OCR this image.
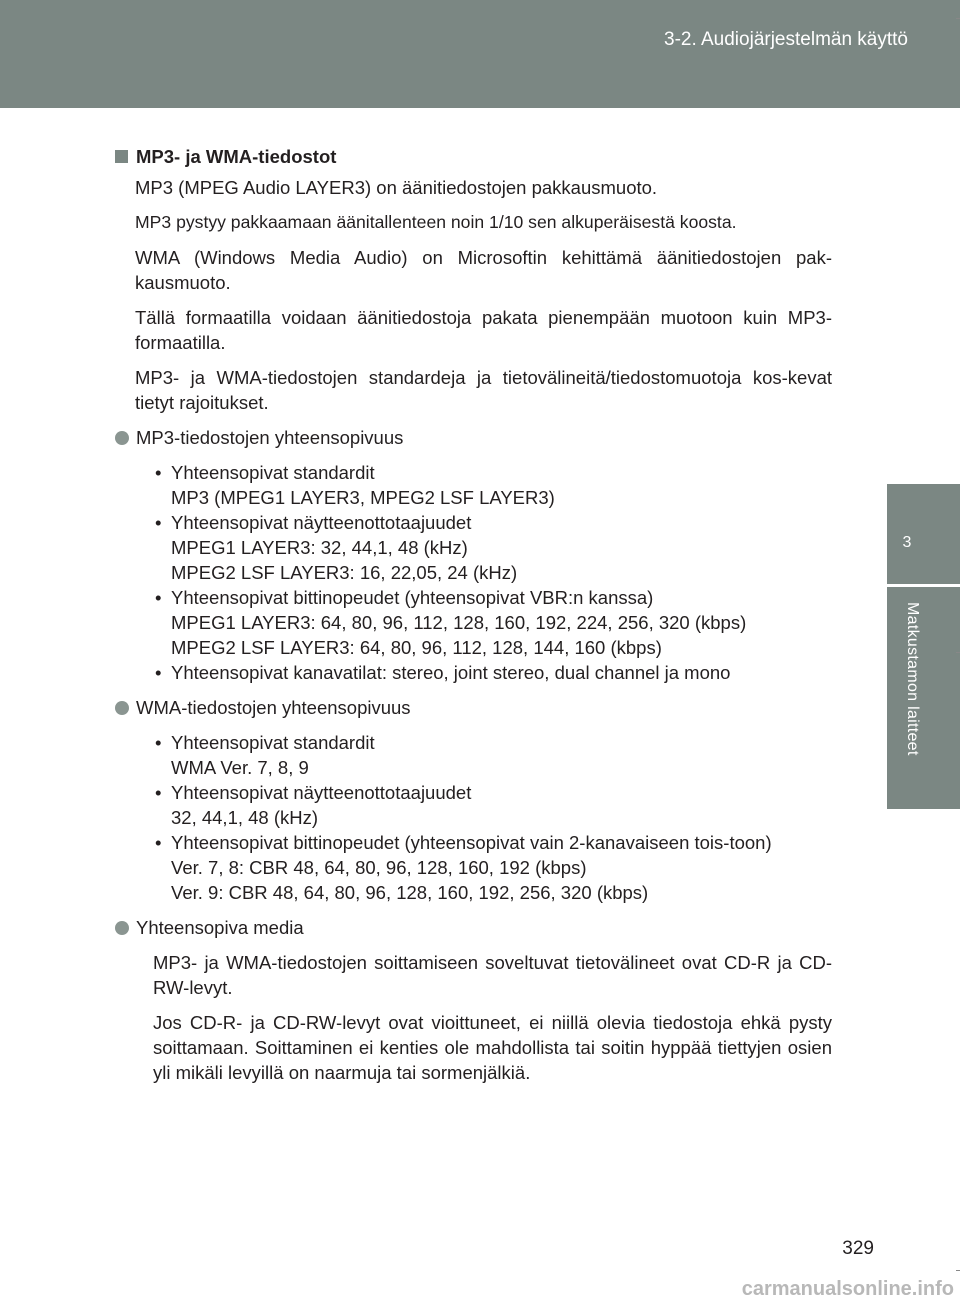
3-2. Audiojärjestelmän käyttö
3
Matkustamon laitteet
MP3- ja WMA-tiedostot

MP3 (MPEG Audio LAYER3) on äänitiedostojen pakkausmuoto.

MP3 pystyy pakkaamaan äänitallenteen noin 1/10 sen alkuperäisestä koosta.

WMA (Windows Media Audio) on Microsoftin kehittämä äänitiedostojen pak-kausmuoto.

Tällä formaatilla voidaan äänitiedostoja pakata pienempään muotoon kuin MP3-formaatilla.

MP3- ja WMA-tiedostojen standardeja ja tietovälineitä/tiedostomuotoja kos-kevat tietyt rajoitukset.

MP3-tiedostojen yhteensopivuus
• Yhteensopivat standardit
MP3 (MPEG1 LAYER3, MPEG2 LSF LAYER3)
• Yhteensopivat näytteenottotaajuudet
MPEG1 LAYER3: 32, 44,1, 48 (kHz)
MPEG2 LSF LAYER3: 16, 22,05, 24 (kHz)
• Yhteensopivat bittinopeudet (yhteensopivat VBR:n kanssa)
MPEG1 LAYER3: 64, 80, 96, 112, 128, 160, 192, 224, 256, 320 (kbps)
MPEG2 LSF LAYER3: 64, 80, 96, 112, 128, 144, 160 (kbps)
• Yhteensopivat kanavatilat: stereo, joint stereo, dual channel ja mono
WMA-tiedostojen yhteensopivuus
• Yhteensopivat standardit
WMA Ver. 7, 8, 9
• Yhteensopivat näytteenottotaajuudet
32, 44,1, 48 (kHz)
• Yhteensopivat bittinopeudet (yhteensopivat vain 2-kanavaiseen tois-toon)
Ver. 7, 8: CBR 48, 64, 80, 96, 128, 160, 192 (kbps)
Ver. 9: CBR 48, 64, 80, 96, 128, 160, 192, 256, 320 (kbps)
Yhteensopiva media

MP3- ja WMA-tiedostojen soittamiseen soveltuvat tietovälineet ovat CD-R ja CD-RW-levyt.

Jos CD-R- ja CD-RW-levyt ovat vioittuneet, ei niillä olevia tiedostoja ehkä pysty soittamaan. Soittaminen ei kenties ole mahdollista tai soitin hyppää tiettyjen osien yli mikäli levyillä on naarmuja tai sormenjälkiä.

329
carmanualsonline.info
